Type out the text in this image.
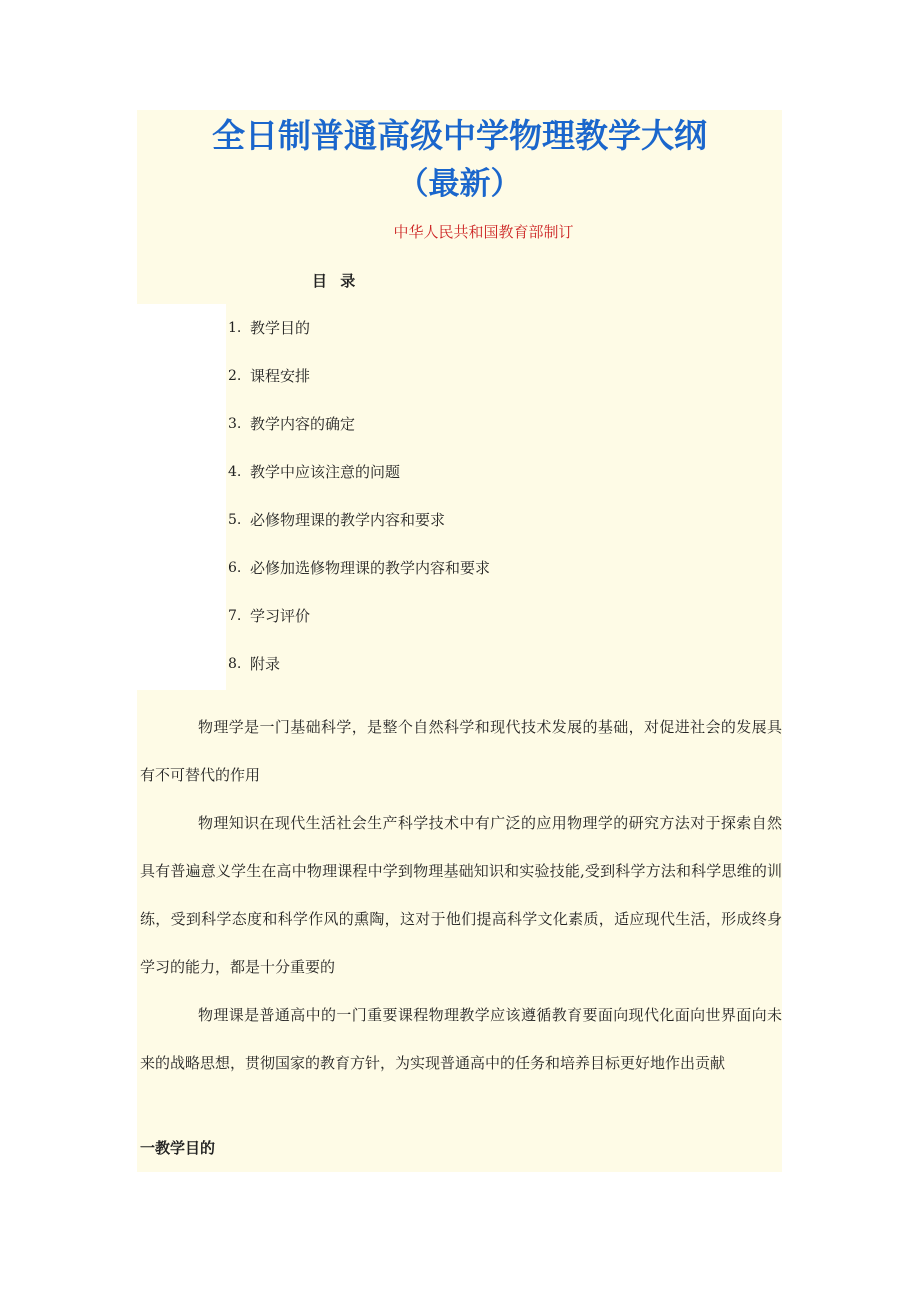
全日制普通高级中学物理教学大纲
（最新）
中华人民共和国教育部制订
目 录
1. 教学目的
2. 课程安排
3. 教学内容的确定
4. 教学中应该注意的问题
5. 必修物理课的教学内容和要求
6. 必修加选修物理课的教学内容和要求
7. 学习评价
8. 附录

物理学是一门基础科学，是整个自然科学和现代技术发展的基础，对促进社会的发展具有不可替代的作用

物理知识在现代生活社会生产科学技术中有广泛的应用物理学的研究方法对于探索自然具有普遍意义学生在高中物理课程中学到物理基础知识和实验技能,受到科学方法和科学思维的训练，受到科学态度和科学作风的熏陶，这对于他们提高科学文化素质，适应现代生活，形成终身学习的能力，都是十分重要的

物理课是普通高中的一门重要课程物理教学应该遵循教育要面向现代化面向世界面向未来的战略思想，贯彻国家的教育方针，为实现普通高中的任务和培养目标更好地作出贡献

一教学目的
